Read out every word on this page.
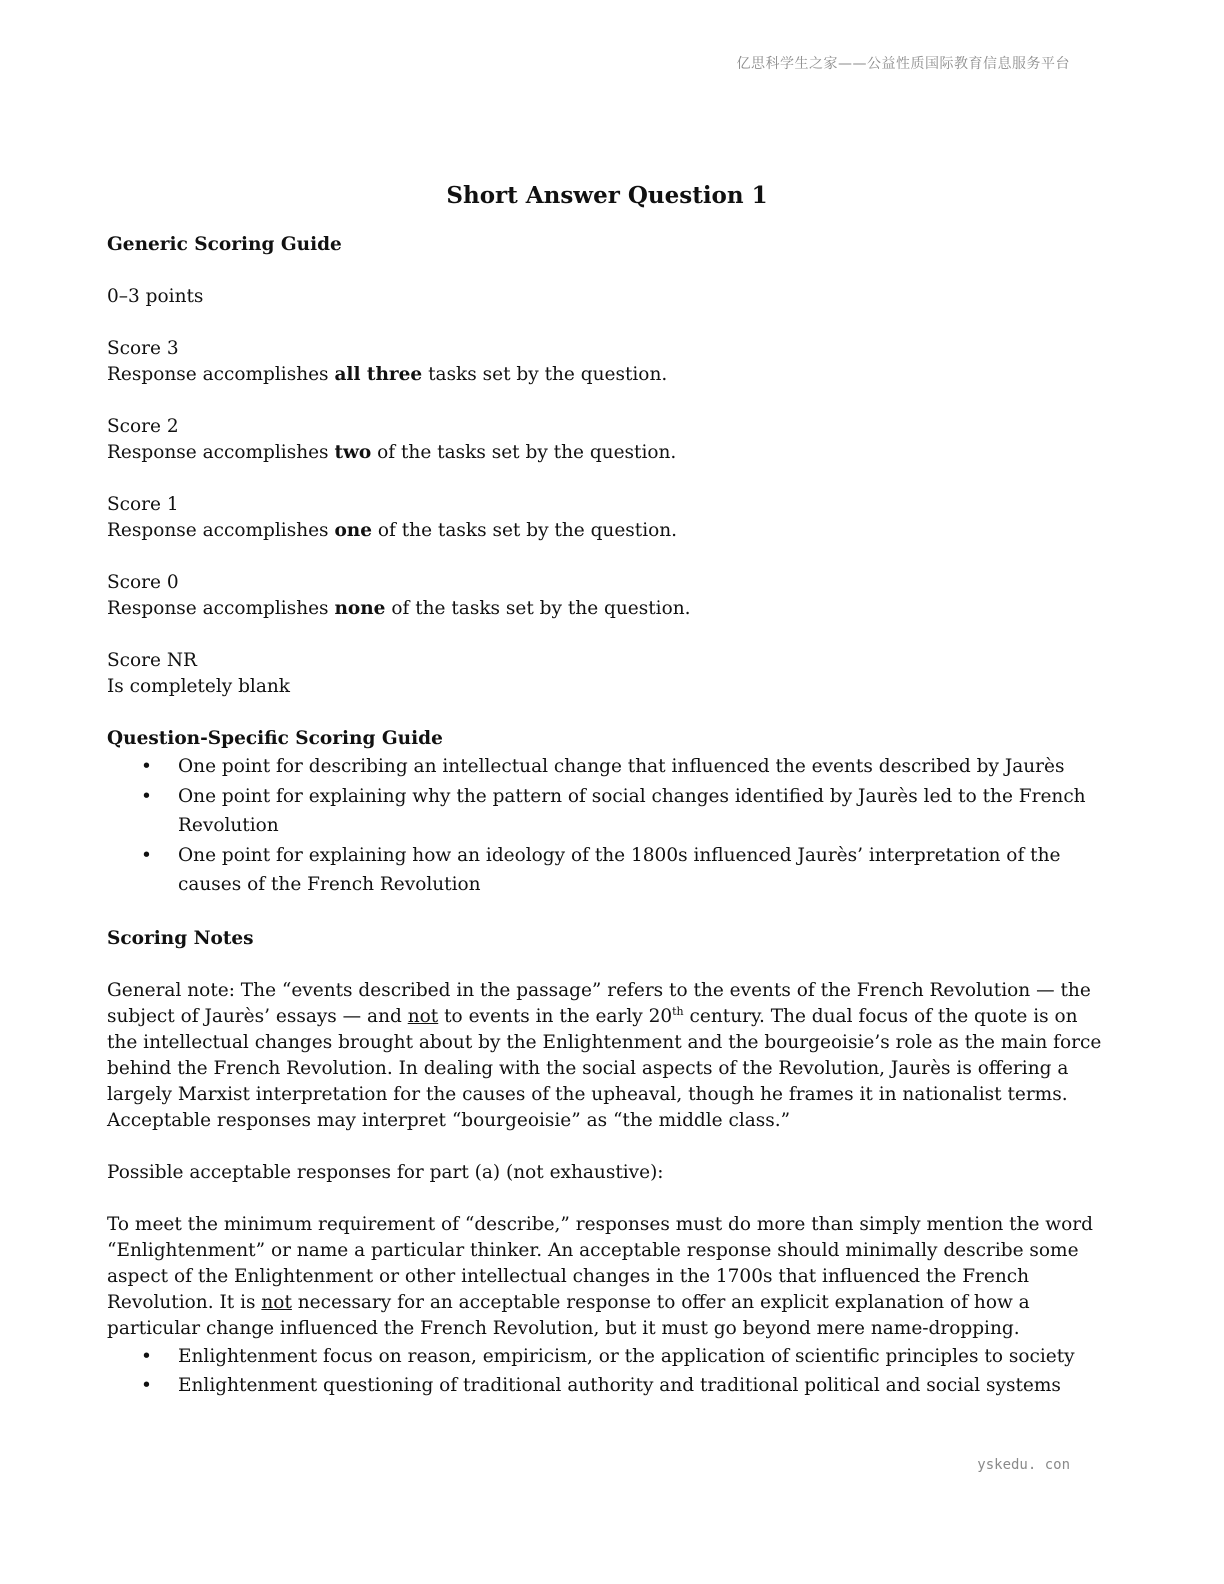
亿思科学生之家——公益性质国际教育信息服务平台
Short Answer Question 1

Generic Scoring Guide

0–3 points

Score 3

Response accomplishes all three tasks set by the question.

Score 2

Response accomplishes two of the tasks set by the question.

Score 1

Response accomplishes one of the tasks set by the question.

Score 0

Response accomplishes none of the tasks set by the question.

Score NR

Is completely blank

Question-Specific Scoring Guide

• One point for describing an intellectual change that influenced the events described by Jaurès
• One point for explaining why the pattern of social changes identified by Jaurès led to the French Revolution
• One point for explaining how an ideology of the 1800s influenced Jaurès’ interpretation of the causes of the French Revolution

Scoring Notes

General note: The “events described in the passage” refers to the events of the French Revolution — the subject of Jaurès’ essays — and not to events in the early 20th century. The dual focus of the quote is on the intellectual changes brought about by the Enlightenment and the bourgeoisie’s role as the main force behind the French Revolution. In dealing with the social aspects of the Revolution, Jaurès is offering a largely Marxist interpretation for the causes of the upheaval, though he frames it in nationalist terms. Acceptable responses may interpret “bourgeoisie” as “the middle class.”

Possible acceptable responses for part (a) (not exhaustive):

To meet the minimum requirement of “describe,” responses must do more than simply mention the word “Enlightenment” or name a particular thinker. An acceptable response should minimally describe some aspect of the Enlightenment or other intellectual changes in the 1700s that influenced the French Revolution. It is not necessary for an acceptable response to offer an explicit explanation of how a particular change influenced the French Revolution, but it must go beyond mere name-dropping.

• Enlightenment focus on reason, empiricism, or the application of scientific principles to society
• Enlightenment questioning of traditional authority and traditional political and social systems
yskedu. con
